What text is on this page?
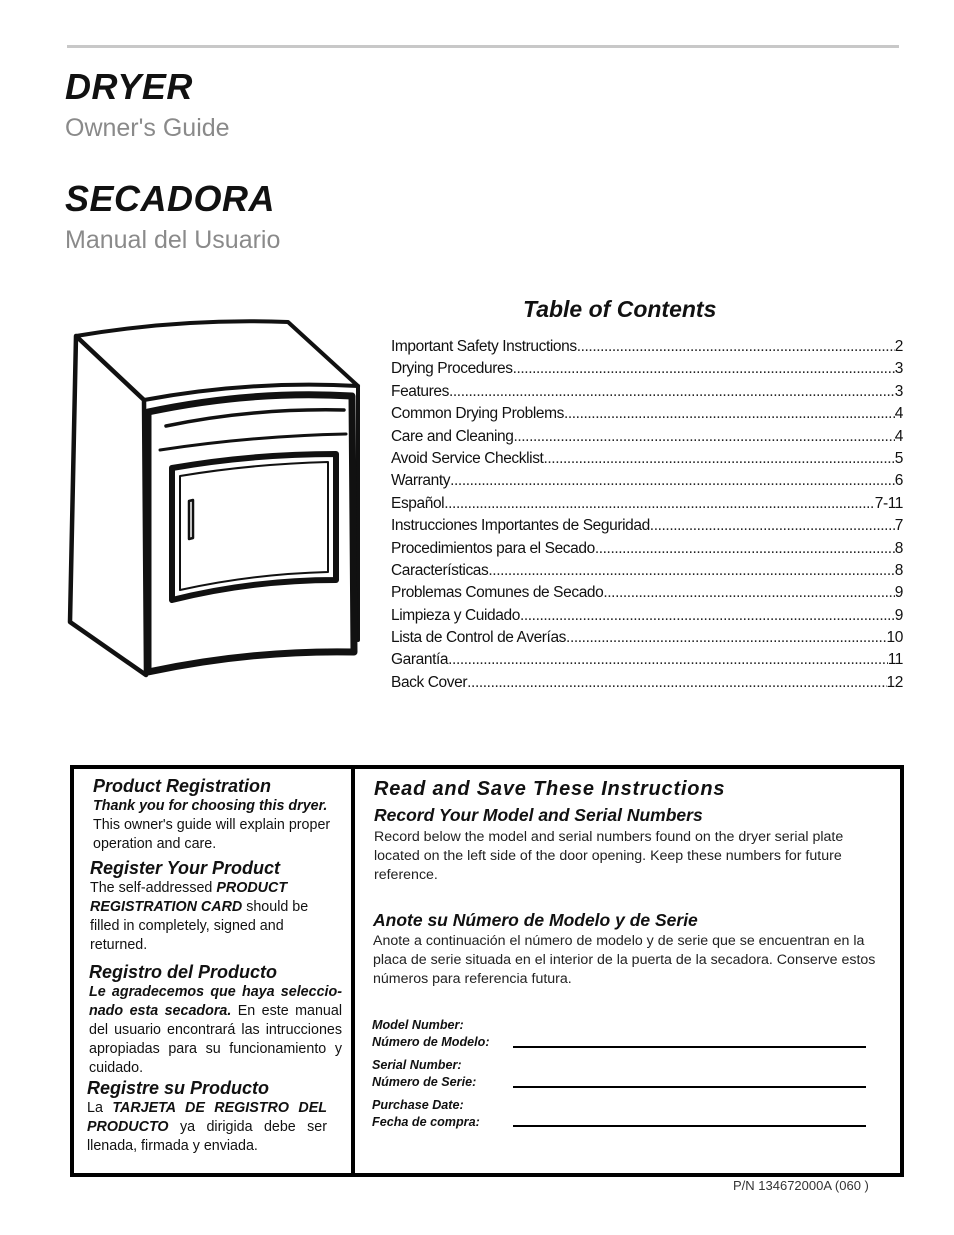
DRYER
Owner's Guide
SECADORA
Manual del Usuario
Table of Contents
Important Safety Instructions .....	2
Drying Procedures .....	3
Features .....	3
Common Drying Problems .....	4
Care and Cleaning .....	4
Avoid Service Checklist .....	5
Warranty .....	6
Español .....	7-11
Instrucciones Importantes de Seguridad .....	7
Procedimientos para el Secado .....	8
Características .....	8
Problemas Comunes de Secado .....	9
Limpieza y Cuidado .....	9
Lista de Control de Averías .....	10
Garantía .....	11
Back Cover .....	12
Product Registration

Thank you for choosing this dryer. This owner's guide will explain proper operation and care.

Register Your Product

The self-addressed PRODUCT REGISTRATION CARD should be filled in completely, signed and returned.

Registro del Producto

Le agradecemos que haya seleccio-nado esta secadora. En este manual del usuario encontrará las intrucciones apropiadas para su funcionamiento y cuidado.

Registre su Producto

La TARJETA DE REGISTRO DEL PRODUCTO ya dirigida debe ser llenada, firmada y enviada.

Read and Save These Instructions
Record Your Model and Serial Numbers
Record below the model and serial numbers found on the dryer serial plate located on the left side of the door opening. Keep these numbers for future reference.
Anote su Número de Modelo y de Serie
Anote a continuación el número de modelo y de serie que se encuentran en la placa de serie situada en el interior de la puerta de la secadora. Conserve estos números para referencia futura.
Model Number:
Número de Modelo:
Serial Number:
Número de Serie:
Purchase Date:
Fecha de compra:
P/N 134672000A (060 )
